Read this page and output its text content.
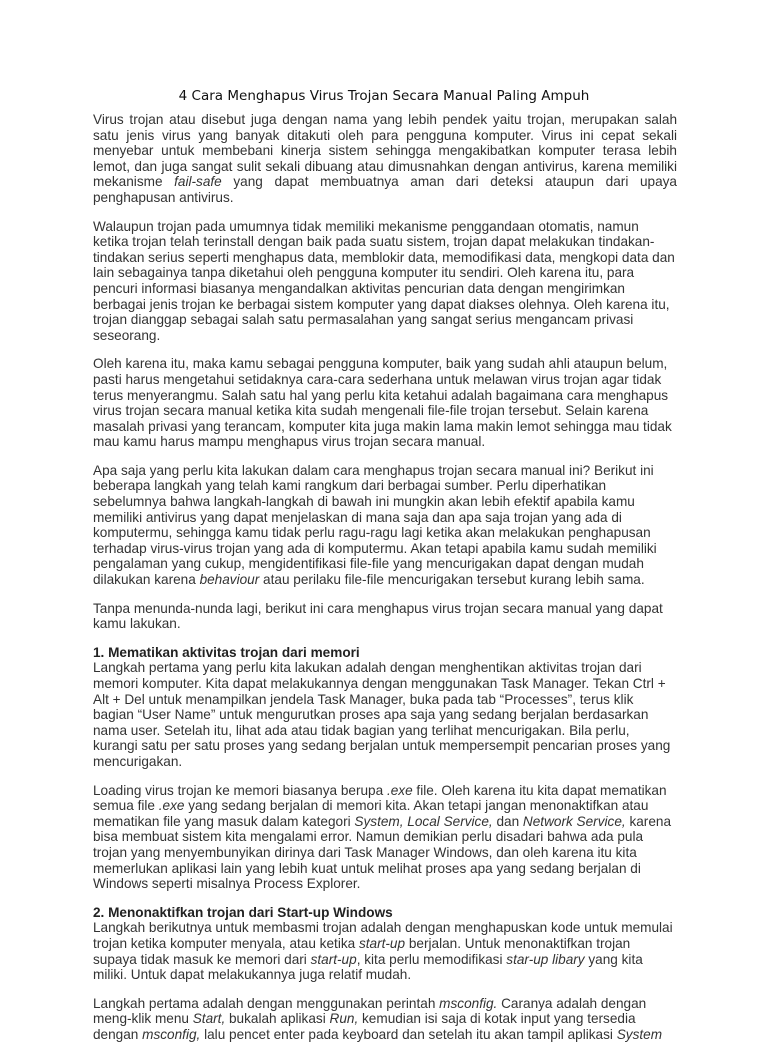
4 Cara Menghapus Virus Trojan Secara Manual Paling Ampuh

Virus trojan atau disebut juga dengan nama yang lebih pendek yaitu trojan, merupakan salah satu jenis virus yang banyak ditakuti oleh para pengguna komputer. Virus ini cepat sekali menyebar untuk membebani kinerja sistem sehingga mengakibatkan komputer terasa lebih lemot, dan juga sangat sulit sekali dibuang atau dimusnahkan dengan antivirus, karena memiliki mekanisme fail-safe yang dapat membuatnya aman dari deteksi ataupun dari upaya penghapusan antivirus.

Walaupun trojan pada umumnya tidak memiliki mekanisme penggandaan otomatis, namun ketika trojan telah terinstall dengan baik pada suatu sistem, trojan dapat melakukan tindakan-tindakan serius seperti menghapus data, memblokir data, memodifikasi data, mengkopi data dan lain sebagainya tanpa diketahui oleh pengguna komputer itu sendiri. Oleh karena itu, para pencuri informasi biasanya mengandalkan aktivitas pencurian data dengan mengirimkan berbagai jenis trojan ke berbagai sistem komputer yang dapat diakses olehnya. Oleh karena itu, trojan dianggap sebagai salah satu permasalahan yang sangat serius mengancam privasi seseorang.

Oleh karena itu, maka kamu sebagai pengguna komputer, baik yang sudah ahli ataupun belum, pasti harus mengetahui setidaknya cara-cara sederhana untuk melawan virus trojan agar tidak terus menyerangmu. Salah satu hal yang perlu kita ketahui adalah bagaimana cara menghapus virus trojan secara manual ketika kita sudah mengenali file-file trojan tersebut. Selain karena masalah privasi yang terancam, komputer kita juga makin lama makin lemot sehingga mau tidak mau kamu harus mampu menghapus virus trojan secara manual.

Apa saja yang perlu kita lakukan dalam cara menghapus trojan secara manual ini? Berikut ini beberapa langkah yang telah kami rangkum dari berbagai sumber. Perlu diperhatikan sebelumnya bahwa langkah-langkah di bawah ini mungkin akan lebih efektif apabila kamu memiliki antivirus yang dapat menjelaskan di mana saja dan apa saja trojan yang ada di komputermu, sehingga kamu tidak perlu ragu-ragu lagi ketika akan melakukan penghapusan terhadap virus-virus trojan yang ada di komputermu. Akan tetapi apabila kamu sudah memiliki pengalaman yang cukup, mengidentifikasi file-file yang mencurigakan dapat dengan mudah dilakukan karena behaviour atau perilaku file-file mencurigakan tersebut kurang lebih sama.

Tanpa menunda-nunda lagi, berikut ini cara menghapus virus trojan secara manual yang dapat kamu lakukan.

1. Mematikan aktivitas trojan dari memori

Langkah pertama yang perlu kita lakukan adalah dengan menghentikan aktivitas trojan dari memori komputer. Kita dapat melakukannya dengan menggunakan Task Manager. Tekan Ctrl + Alt + Del untuk menampilkan jendela Task Manager, buka pada tab “Processes”, terus klik bagian “User Name” untuk mengurutkan proses apa saja yang sedang berjalan berdasarkan nama user. Setelah itu, lihat ada atau tidak bagian yang terlihat mencurigakan. Bila perlu, kurangi satu per satu proses yang sedang berjalan untuk mempersempit pencarian proses yang mencurigakan.

Loading virus trojan ke memori biasanya berupa .exe file. Oleh karena itu kita dapat mematikan semua file .exe yang sedang berjalan di memori kita. Akan tetapi jangan menonaktifkan atau mematikan file yang masuk dalam kategori System, Local Service, dan Network Service, karena bisa membuat sistem kita mengalami error. Namun demikian perlu disadari bahwa ada pula trojan yang menyembunyikan dirinya dari Task Manager Windows, dan oleh karena itu kita memerlukan aplikasi lain yang lebih kuat untuk melihat proses apa yang sedang berjalan di Windows seperti misalnya Process Explorer.

2. Menonaktifkan trojan dari Start-up Windows

Langkah berikutnya untuk membasmi trojan adalah dengan menghapuskan kode untuk memulai trojan ketika komputer menyala, atau ketika start-up berjalan. Untuk menonaktifkan trojan supaya tidak masuk ke memori dari start-up, kita perlu memodifikasi star-up libary yang kita miliki. Untuk dapat melakukannya juga relatif mudah.

Langkah pertama adalah dengan menggunakan perintah msconfig. Caranya adalah dengan meng-klik menu Start, bukalah aplikasi Run, kemudian isi saja di kotak input yang tersedia dengan msconfig, lalu pencet enter pada keyboard dan setelah itu akan tampil aplikasi System
